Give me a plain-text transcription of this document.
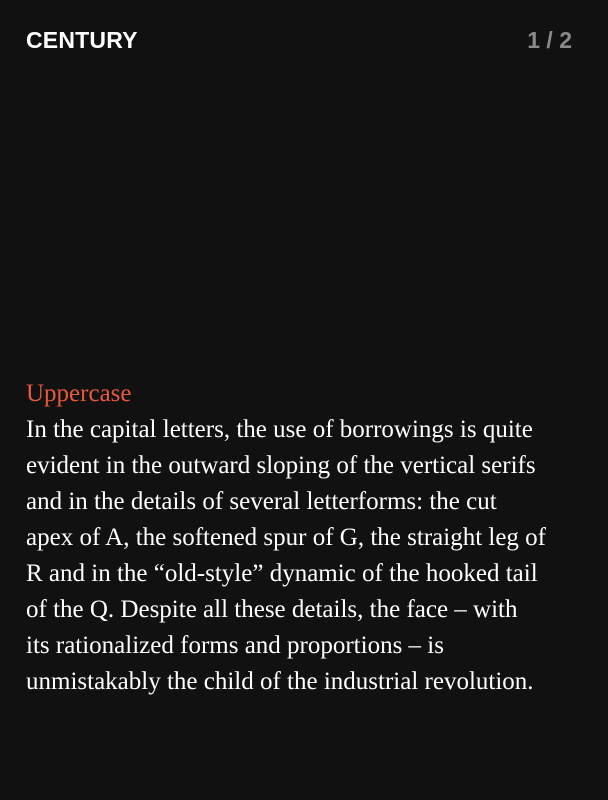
CENTURY	1 / 2

Uppercase

In the capital letters, the use of borrowings is quite evident in the outward sloping of the vertical serifs and in the details of several letterforms: the cut apex of A, the softened spur of G, the straight leg of R and in the “old-style” dynamic of the hooked tail of the Q. Despite all these details, the face – with its rationalized forms and proportions – is unmistakably the child of the industrial revolution.
